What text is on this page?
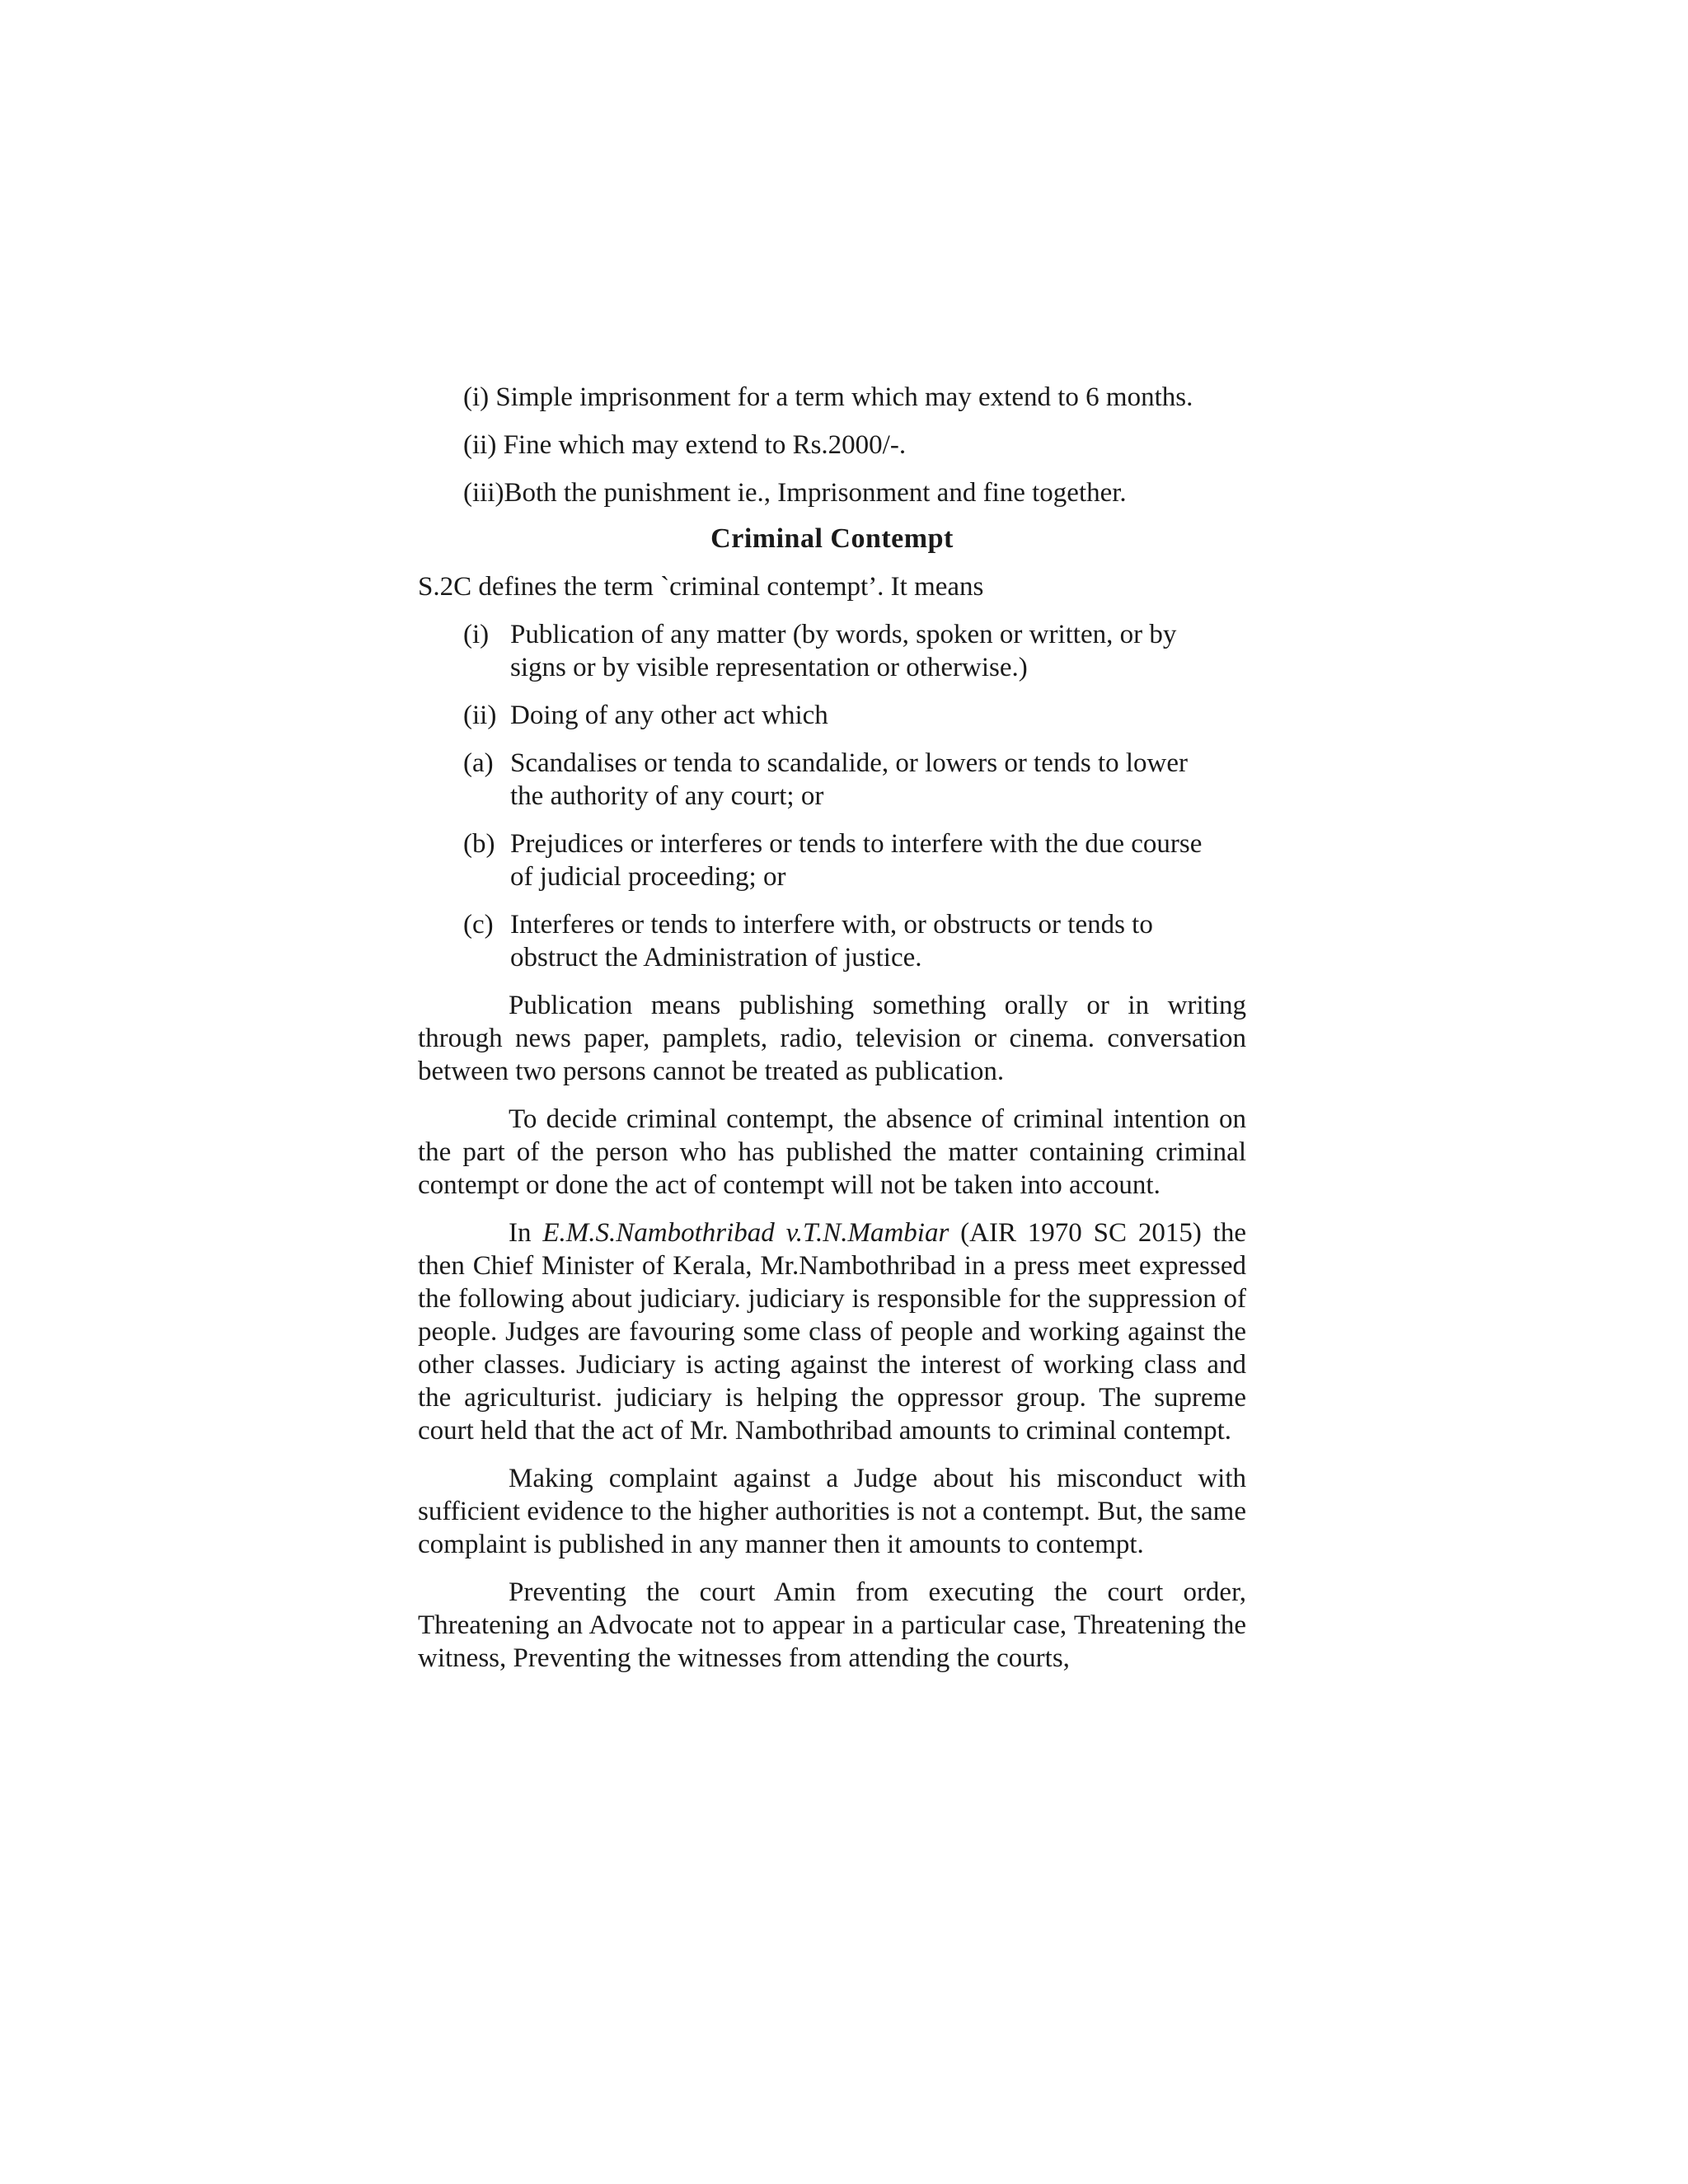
(i) Simple imprisonment for a term which may extend to 6 months.

(ii) Fine which may extend to Rs.2000/-.

(iii)Both the punishment ie., Imprisonment and fine together.

Criminal Contempt

S.2C defines the term `criminal contempt’. It means

(i) Publication of any matter (by words, spoken or written, or by signs or by visible representation or otherwise.)
(ii) Doing of any other act which
(a) Scandalises or tenda to scandalide, or lowers or tends to lower the authority of any court; or
(b) Prejudices or interferes or tends to interfere with the due course of judicial proceeding; or
(c) Interferes or tends to interfere with, or obstructs or tends to obstruct the Administration of justice.

Publication means publishing something orally or in writing through news paper, pamplets, radio, television or cinema. conversation between two persons cannot be treated as publication.

To decide criminal contempt, the absence of criminal intention on the part of the person who has published the matter containing criminal contempt or done the act of contempt will not be taken into account.

In E.M.S.Nambothribad v.T.N.Mambiar (AIR 1970 SC 2015) the then Chief Minister of Kerala, Mr.Nambothribad in a press meet expressed the following about judiciary. judiciary is responsible for the suppression of people. Judges are favouring some class of people and working against the other classes. Judiciary is acting against the interest of working class and the agriculturist. judiciary is helping the oppressor group. The supreme court held that the act of Mr. Nambothribad amounts to criminal contempt.

Making complaint against a Judge about his misconduct with sufficient evidence to the higher authorities is not a contempt. But, the same complaint is published in any manner then it amounts to contempt.

Preventing the court Amin from executing the court order, Threatening an Advocate not to appear in a particular case, Threatening the witness, Preventing the witnesses from attending the courts,
